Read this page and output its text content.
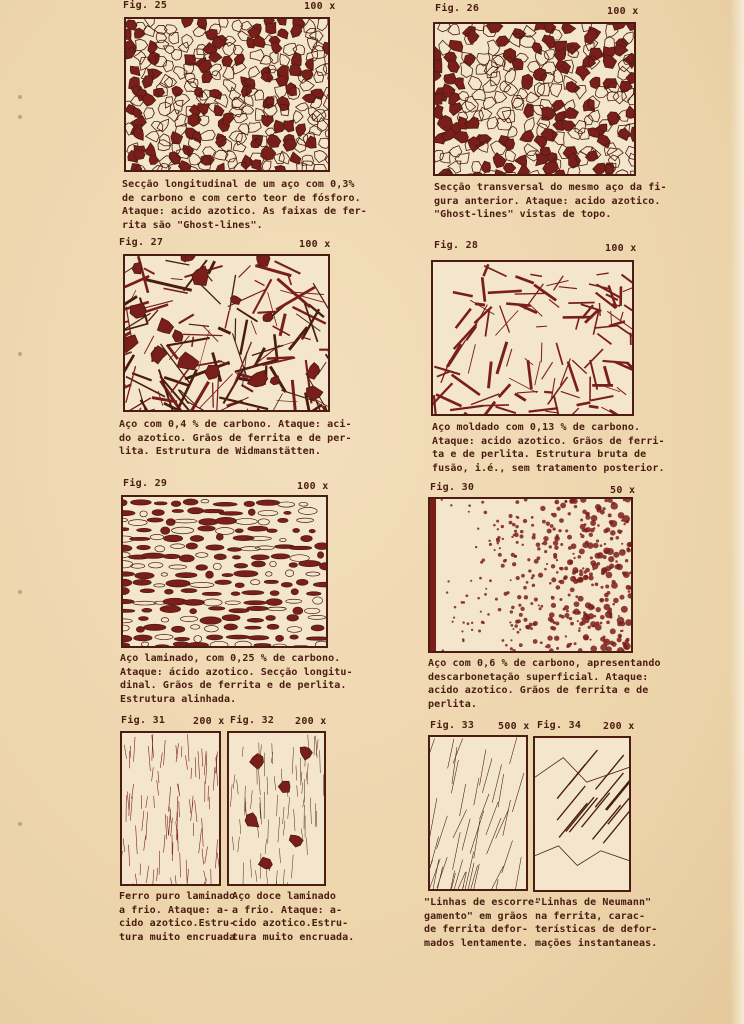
Fig. 25	100 x
Secção longitudinal de um aço com 0,3%
de carbono e com certo teor de fósforo.
Ataque: acido azotico. As faixas de fer-
rita são "Ghost-lines".
Fig. 26	100 x
Secção transversal do mesmo aço da fi-
gura anterior. Ataque: acido azotico.
"Ghost-lines" vistas de topo.
Fig. 27	100 x
Aço com 0,4 % de carbono. Ataque: aci-
do azotico. Grãos de ferrita e de per-
lita. Estrutura de Widmanstätten.
Fig. 28	100 x
Aço moldado com 0,13 % de carbono.
Ataque: acido azotico. Grãos de ferri-
ta e de perlita. Estrutura bruta de
fusão, i.é., sem tratamento posterior.
Fig. 29	100 x
Aço laminado, com 0,25 % de carbono.
Ataque: ácido azotico. Secção longitu-
dinal. Grãos de ferrita e de perlita.
Estrutura alinhada.
Fig. 30	50 x
Aço com 0,6 % de carbono, apresentando
descarbonetação superficial. Ataque:
acido azotico. Grãos de ferrita e de
perlita.
Fig. 31	200 x
Ferro puro laminado
a frio. Ataque: a-
cido azotico.Estru-
tura muito encruada
Fig. 32 200 x
Aço doce laminado
a frio. Ataque: a-
cido azotico.Estru-
tura muito encruada.
Fig. 33 500 x
"Linhas de escorre-
gamento" em grãos
de ferrita defor-
mados lentamente.
Fig. 34 200 x
"Linhas de Neumann"
na ferrita, carac-
terísticas de defor-
mações instantaneas.
